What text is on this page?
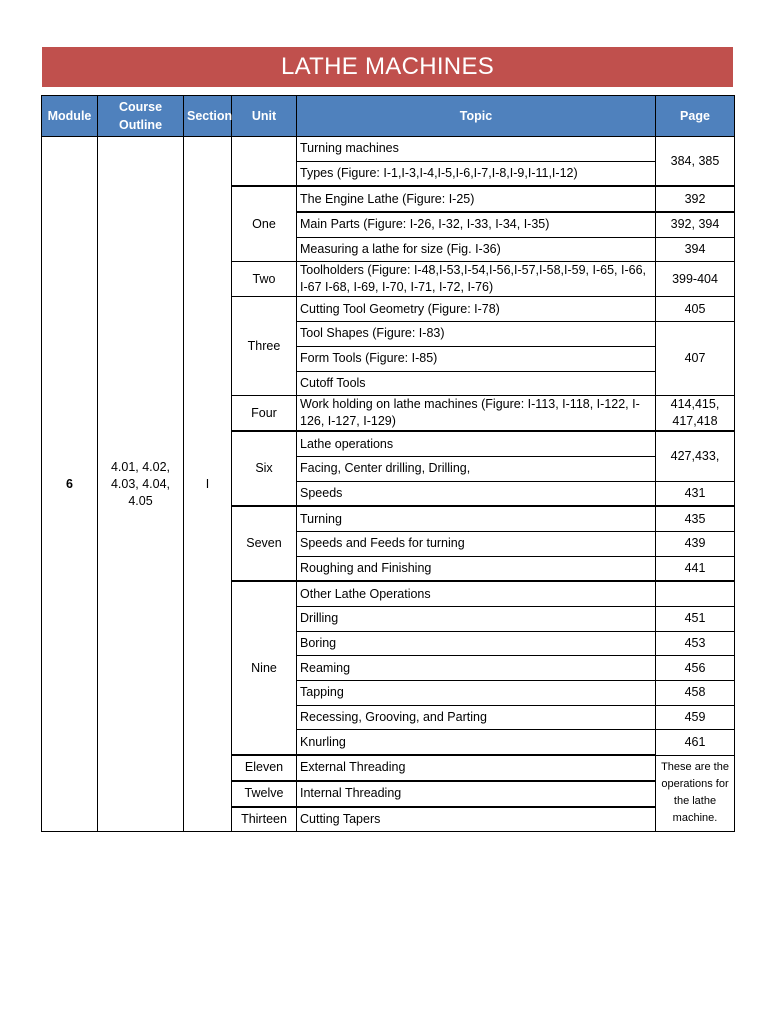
LATHE MACHINES
Module	Course Outline	Section	Unit	Topic	Page
6	4.01, 4.02, 4.03, 4.04, 4.05	I		Turning machines	384, 385
				Types (Figure: I-1,I-3,I-4,I-5,I-6,I-7,I-8,I-9,I-11,I-12)	
			One	The Engine Lathe (Figure: I-25)	392
				Main Parts (Figure: I-26, I-32, I-33, I-34, I-35)	392, 394
				Measuring a lathe for size (Fig. I-36)	394
			Two	Toolholders (Figure: I-48,I-53,I-54,I-56,I-57,I-58,I-59, I-65, I-66, I-67 I-68, I-69, I-70, I-71, I-72, I-76)	399-404
			Three	Cutting Tool Geometry (Figure: I-78)	405
				Tool Shapes (Figure: I-83)	407
				Form Tools (Figure: I-85)	
				Cutoff Tools	
			Four	Work holding on lathe machines (Figure: I-113, I-118, I-122, I-126, I-127, I-129)	414,415, 417,418
			Six	Lathe operations	427,433,
				Facing, Center drilling, Drilling,	
				Speeds	431
			Seven	Turning	435
				Speeds and Feeds for turning	439
				Roughing and Finishing	441
			Nine	Other Lathe Operations	
				Drilling	451
				Boring	453
				Reaming	456
				Tapping	458
				Recessing, Grooving, and Parting	459
				Knurling	461
			Eleven	External Threading	These are the operations for the lathe machine.
			Twelve	Internal Threading	
			Thirteen	Cutting Tapers	
